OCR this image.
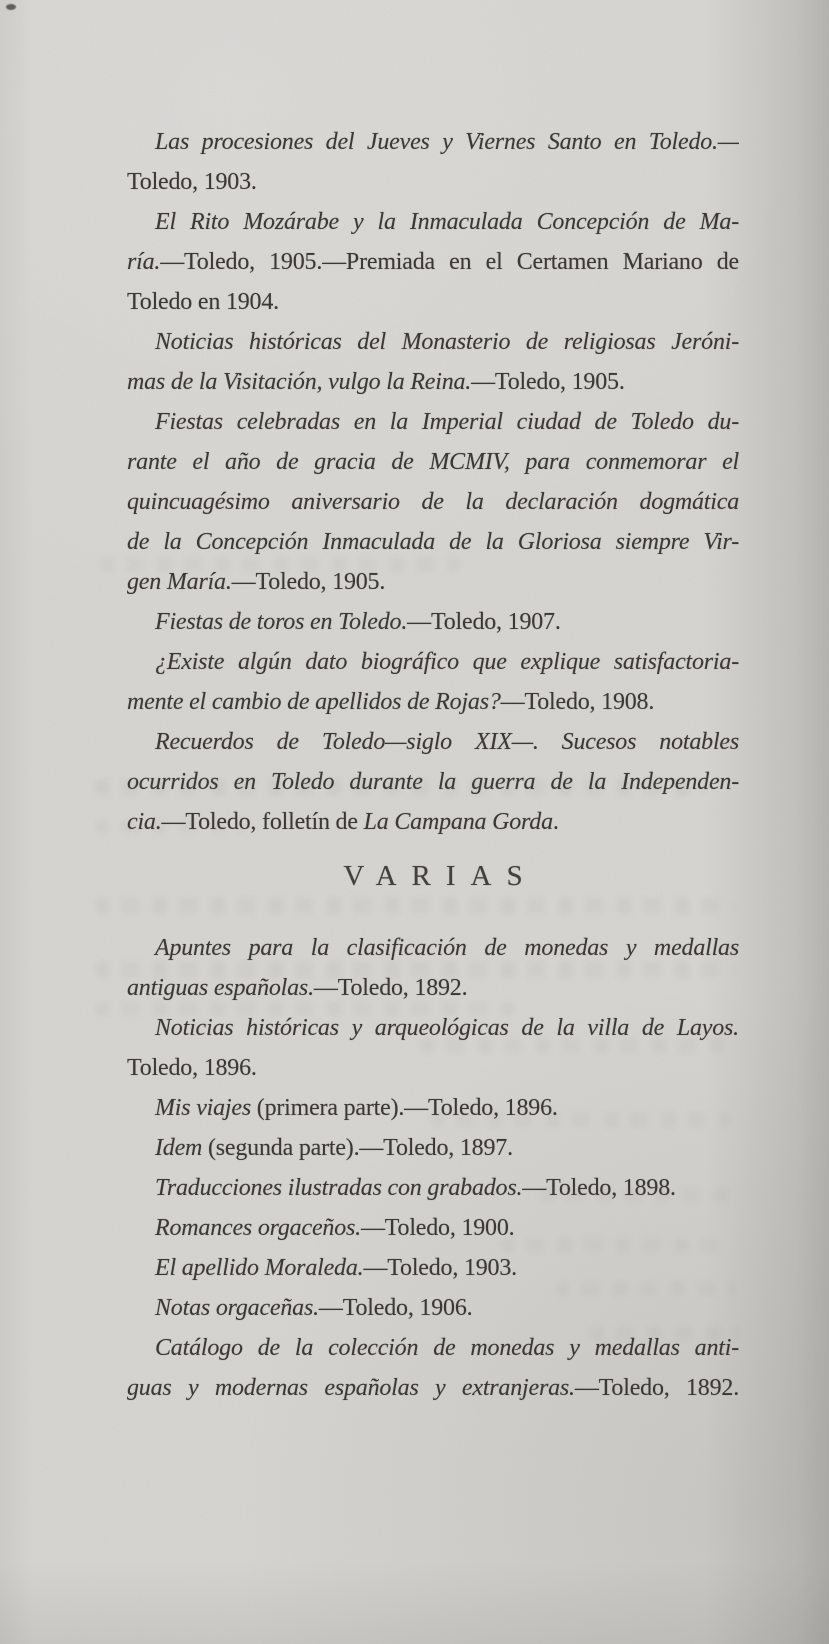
Las procesiones del Jueves y Viernes Santo en Toledo.—
Toledo, 1903.

El Rito Mozárabe y la Inmaculada Concepción de Ma-
ría.—Toledo, 1905.—Premiada en el Certamen Mariano de
Toledo en 1904.

Noticias históricas del Monasterio de religiosas Jeróni-
mas de la Visitación, vulgo la Reina.—Toledo, 1905.

Fiestas celebradas en la Imperial ciudad de Toledo du-
rante el año de gracia de MCMIV, para conmemorar el
quincuagésimo aniversario de la declaración dogmática
de la Concepción Inmaculada de la Gloriosa siempre Vir-
gen María.—Toledo, 1905.

Fiestas de toros en Toledo.—Toledo, 1907.

¿Existe algún dato biográfico que explique satisfactoria-
mente el cambio de apellidos de Rojas?—Toledo, 1908.

Recuerdos de Toledo—siglo XIX—. Sucesos notables
ocurridos en Toledo durante la guerra de la Independen-
cia.—Toledo, folletín de La Campana Gorda.

VARIAS

Apuntes para la clasificación de monedas y medallas
antiguas españolas.—Toledo, 1892.

Noticias históricas y arqueológicas de la villa de Layos.
Toledo, 1896.

Mis viajes (primera parte).—Toledo, 1896.

Idem (segunda parte).—Toledo, 1897.

Traducciones ilustradas con grabados.—Toledo, 1898.

Romances orgaceños.—Toledo, 1900.

El apellido Moraleda.—Toledo, 1903.

Notas orgaceñas.—Toledo, 1906.

Catálogo de la colección de monedas y medallas anti-
guas y modernas españolas y extranjeras.—Toledo, 1892.
